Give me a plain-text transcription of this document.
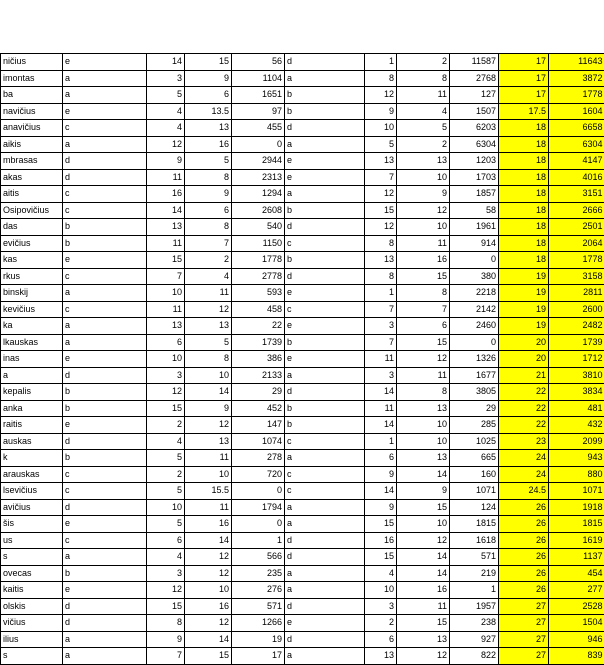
ničius	e	14	15	56	d	1	2	11587	17	11643
imontas	a	3	9	1104	a	8	8	2768	17	3872
ba	a	5	6	1651	b	12	11	127	17	1778
navičius	e	4	13.5	97	b	9	4	1507	17.5	1604
anavičius	c	4	13	455	d	10	5	6203	18	6658
aikis	a	12	16	0	a	5	2	6304	18	6304
mbrasas	d	9	5	2944	e	13	13	1203	18	4147
akas	d	11	8	2313	e	7	10	1703	18	4016
aitis	c	16	9	1294	a	12	9	1857	18	3151
Osipovičius	c	14	6	2608	b	15	12	58	18	2666
das	b	13	8	540	d	12	10	1961	18	2501
evičius	b	11	7	1150	c	8	11	914	18	2064
kas	e	15	2	1778	b	13	16	0	18	1778
rkus	c	7	4	2778	d	8	15	380	19	3158
binskij	a	10	11	593	e	1	8	2218	19	2811
kevičius	c	11	12	458	c	7	7	2142	19	2600
ka	a	13	13	22	e	3	6	2460	19	2482
lkauskas	a	6	5	1739	b	7	15	0	20	1739
inas	e	10	8	386	e	11	12	1326	20	1712
a	d	3	10	2133	a	3	11	1677	21	3810
kepalis	b	12	14	29	d	14	8	3805	22	3834
anka	b	15	9	452	b	11	13	29	22	481
raitis	e	2	12	147	b	14	10	285	22	432
auskas	d	4	13	1074	c	1	10	1025	23	2099
k	b	5	11	278	a	6	13	665	24	943
arauskas	c	2	10	720	c	9	14	160	24	880
lsevičius	c	5	15.5	0	c	14	9	1071	24.5	1071
avičius	d	10	11	1794	a	9	15	124	26	1918
šis	e	5	16	0	a	15	10	1815	26	1815
us	c	6	14	1	d	16	12	1618	26	1619
s	a	4	12	566	d	15	14	571	26	1137
ovecas	b	3	12	235	a	4	14	219	26	454
kaitis	e	12	10	276	a	10	16	1	26	277
olskis	d	15	16	571	d	3	11	1957	27	2528
vičius	d	8	12	1266	e	2	15	238	27	1504
ilius	a	9	14	19	d	6	13	927	27	946
s	a	7	15	17	a	13	12	822	27	839
